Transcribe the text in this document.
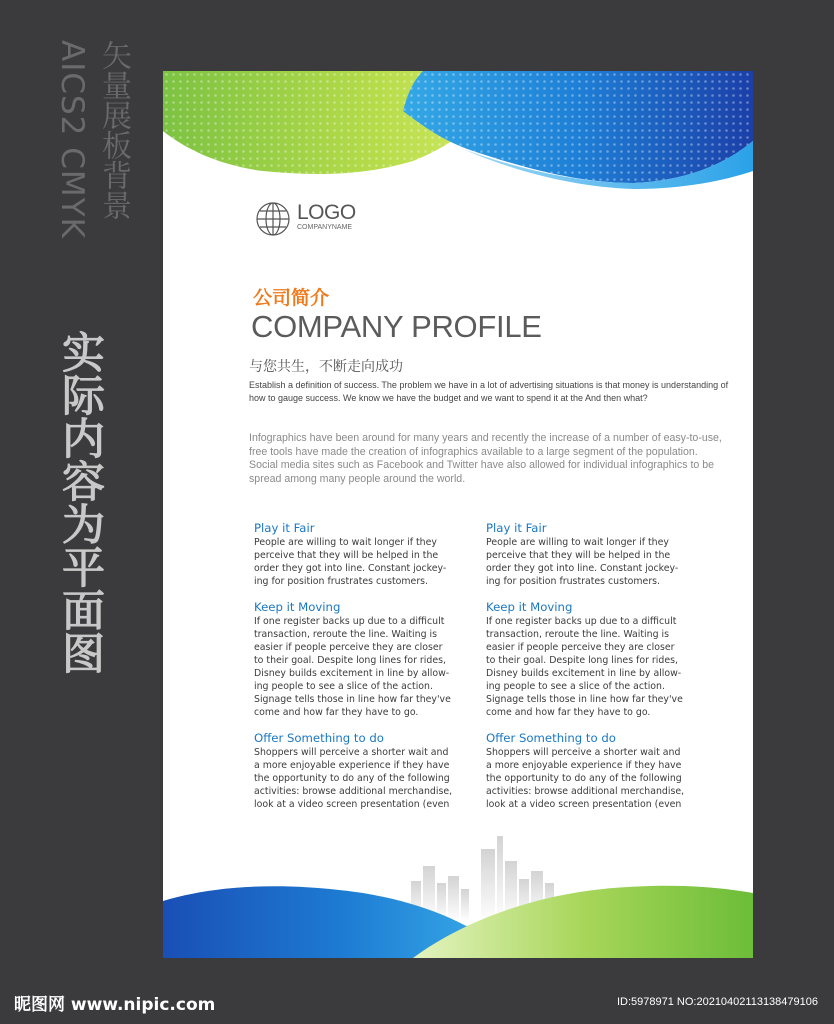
矢量展板背景
AICS2 CMYK
实际内容为平面图
LOGO
COMPANYNAME
公司简介
COMPANY PROFILE
与您共生，不断走向成功
Establish a definition of success. The problem we have in a lot of advertising situations is that money is understanding of how to gauge success. We know we have the budget and we want to spend it at the And then what?
Infographics have been around for many years and recently the increase of a number of easy-to-use, free tools have made the creation of infographics available to a large segment of the population. Social media sites such as Facebook and Twitter have also allowed for individual infographics to be spread among many people around the world.
Play it Fair

People are willing to wait longer if they
perceive that they will be helped in the
order they got into line. Constant jockey-
ing for position frustrates customers.

Keep it Moving

If one register backs up due to a difficult
transaction, reroute the line. Waiting is
easier if people perceive they are closer
to their goal. Despite long lines for rides,
Disney builds excitement in line by allow-
ing people to see a slice of the action.
Signage tells those in line how far they've
come and how far they have to go.

Offer Something to do

Shoppers will perceive a shorter wait and
a more enjoyable experience if they have
the opportunity to do any of the following
activities: browse additional merchandise,
look at a video screen presentation (even

Play it Fair

People are willing to wait longer if they
perceive that they will be helped in the
order they got into line. Constant jockey-
ing for position frustrates customers.

Keep it Moving

If one register backs up due to a difficult
transaction, reroute the line. Waiting is
easier if people perceive they are closer
to their goal. Despite long lines for rides,
Disney builds excitement in line by allow-
ing people to see a slice of the action.
Signage tells those in line how far they've
come and how far they have to go.

Offer Something to do

Shoppers will perceive a shorter wait and
a more enjoyable experience if they have
the opportunity to do any of the following
activities: browse additional merchandise,
look at a video screen presentation (even

昵图网 www.nipic.com	ID:5978971 NO:20210402113138479106
